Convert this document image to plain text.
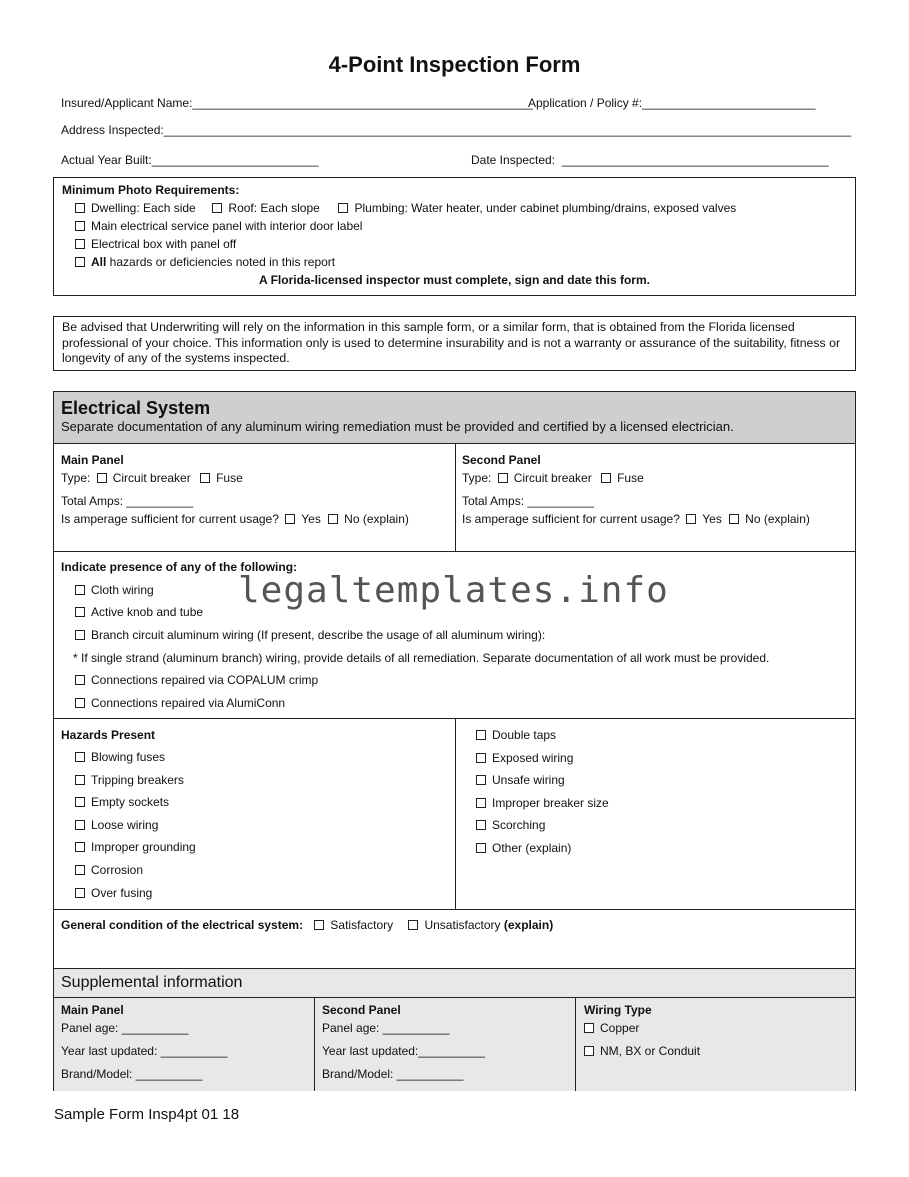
4-Point Inspection Form
Insured/Applicant Name:___________________________________________________
Application / Policy #:__________________________
Address Inspected:_______________________________________________________________________________________________________
Actual Year Built:_________________________	Date Inspected: ________________________________________
Minimum Photo Requirements:
Dwelling: Each side	Roof: Each slope	Plumbing: Water heater, under cabinet plumbing/drains, exposed valves
Main electrical service panel with interior door label
Electrical box with panel off
All hazards or deficiencies noted in this report
A Florida-licensed inspector must complete, sign and date this form.
Be advised that Underwriting will rely on the information in this sample form, or a similar form, that is obtained from the Florida licensed professional of your choice. This information only is used to determine insurability and is not a warranty or assurance of the suitability, fitness or longevity of any of the systems inspected.
Electrical System
Separate documentation of any aluminum wiring remediation must be provided and certified by a licensed electrician.
Main Panel
Type: Circuit breaker Fuse
Total Amps: __________
Is amperage sufficient for current usage? Yes No (explain)
Second Panel
Type: Circuit breaker Fuse
Total Amps: __________
Is amperage sufficient for current usage? Yes No (explain)
Indicate presence of any of the following:
Cloth wiring
Active knob and tube
Branch circuit aluminum wiring (If present, describe the usage of all aluminum wiring):
* If single strand (aluminum branch) wiring, provide details of all remediation. Separate documentation of all work must be provided.
Connections repaired via COPALUM crimp
Connections repaired via AlumiConn
Hazards Present
Blowing fuses
Tripping breakers
Empty sockets
Loose wiring
Improper grounding
Corrosion
Over fusing
Double taps
Exposed wiring
Unsafe wiring
Improper breaker size
Scorching
Other (explain)
General condition of the electrical system: Satisfactory	Unsatisfactory (explain)
Supplemental information
Main Panel
Panel age: __________
Year last updated: __________
Brand/Model: __________
Second Panel
Panel age: __________
Year last updated:__________
Brand/Model: __________
Wiring Type
Copper
NM, BX or Conduit
legaltemplates.info
Sample Form Insp4pt 01 18
